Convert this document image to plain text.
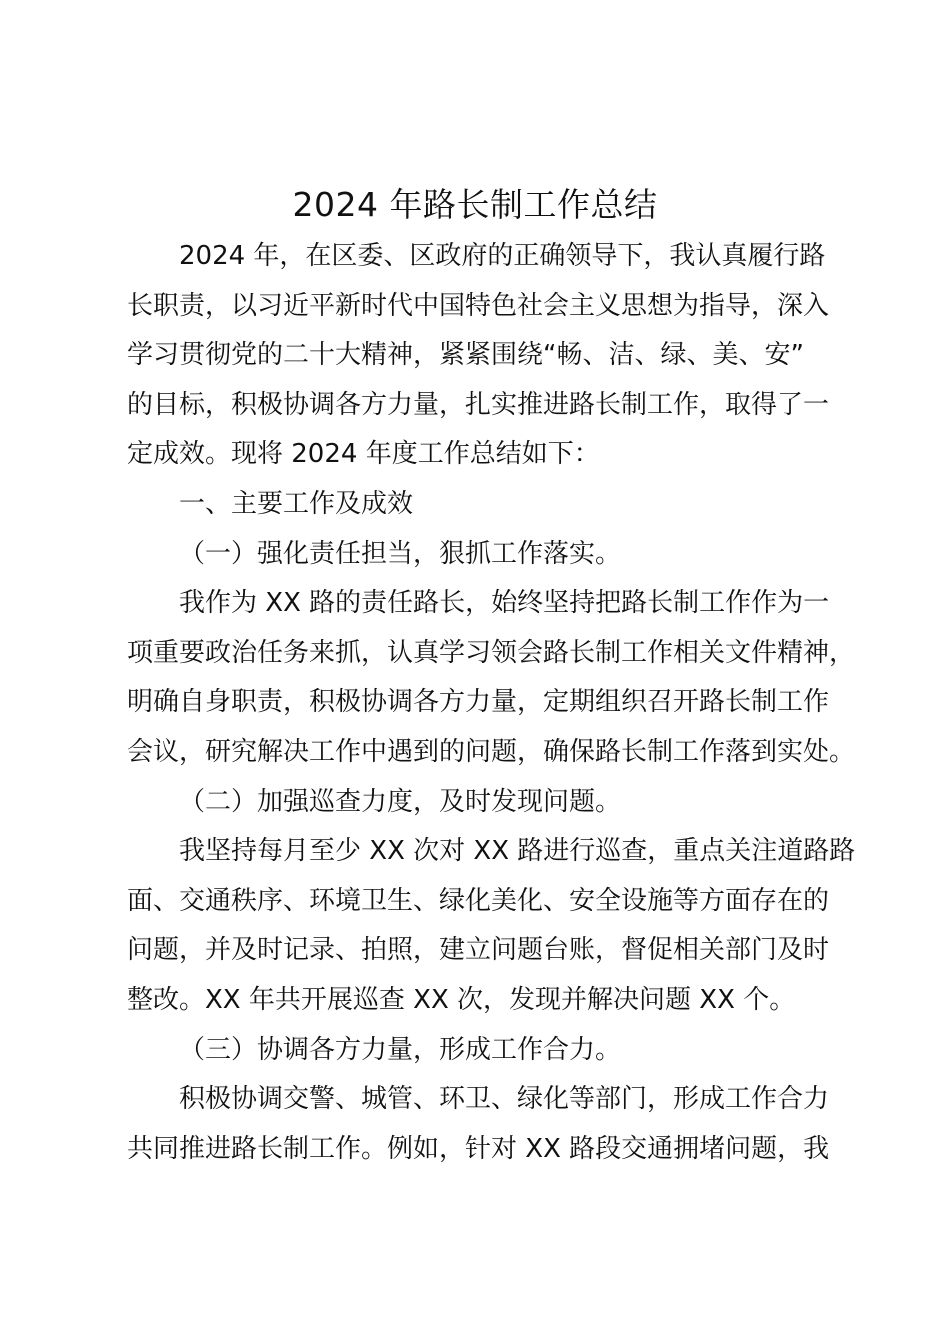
2024 年路长制工作总结
2024 年，在区委、区政府的正确领导下，我认真履行路
长职责，以习近平新时代中国特色社会主义思想为指导，深入
学习贯彻党的二十大精神，紧紧围绕“畅、洁、绿、美、安”
的目标，积极协调各方力量，扎实推进路长制工作，取得了一
定成效。现将 2024 年度工作总结如下：
一、主要工作及成效
（一）强化责任担当，狠抓工作落实。
我作为 XX 路的责任路长，始终坚持把路长制工作作为一
项重要政治任务来抓，认真学习领会路长制工作相关文件精神，
明确自身职责，积极协调各方力量，定期组织召开路长制工作
会议，研究解决工作中遇到的问题，确保路长制工作落到实处。
（二）加强巡查力度，及时发现问题。
我坚持每月至少 XX 次对 XX 路进行巡查，重点关注道路路
面、交通秩序、环境卫生、绿化美化、安全设施等方面存在的
问题，并及时记录、拍照，建立问题台账，督促相关部门及时
整改。XX 年共开展巡查 XX 次，发现并解决问题 XX 个。
（三）协调各方力量，形成工作合力。
积极协调交警、城管、环卫、绿化等部门，形成工作合力
共同推进路长制工作。例如，针对 XX 路段交通拥堵问题，我
